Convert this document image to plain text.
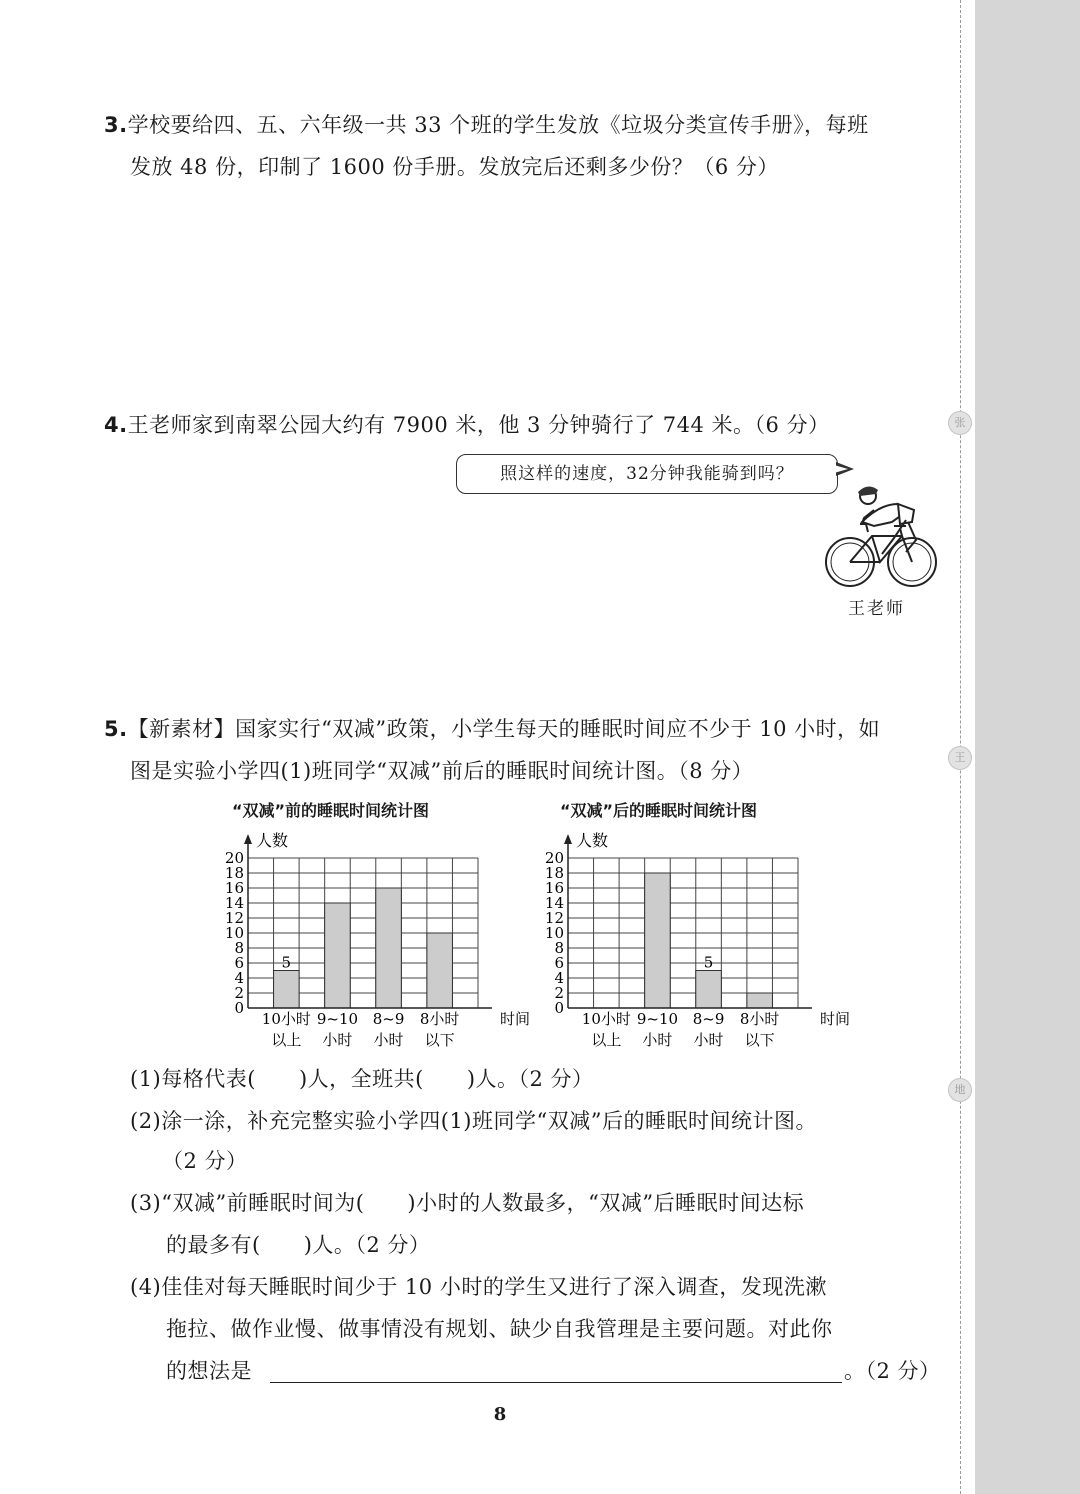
张
王
地
3.学校要给四、五、六年级一共 33 个班的学生发放《垃圾分类宣传手册》，每班
发放 48 份，印制了 1600 份手册。发放完后还剩多少份？（6 分）
4.王老师家到南翠公园大约有 7900 米，他 3 分钟骑行了 744 米。（6 分）
照这样的速度，32分钟我能骑到吗？
王老师
5.【新素材】国家实行“双减”政策，小学生每天的睡眠时间应不少于 10 小时，如
图是实验小学四(1)班同学“双减”前后的睡眠时间统计图。（8 分）
“双减”前的睡眠时间统计图	“双减”后的睡眠时间统计图
5
10小时
以上
9~10
小时
8~9
小时
8小时
以下
0
2
4
6
8
10
12
14
16
18
20
人数
时间	10小时
以上
9~10
小时
5
8~9
小时
8小时
以下
0
2
4
6
8
10
12
14
16
18
20
人数
时间
(1)每格代表(　　)人，全班共(　　)人。（2 分）
(2)涂一涂，补充完整实验小学四(1)班同学“双减”后的睡眠时间统计图。
（2 分）
(3)“双减”前睡眠时间为(　　)小时的人数最多，“双减”后睡眠时间达标
的最多有(　　)人。（2 分）
(4)佳佳对每天睡眠时间少于 10 小时的学生又进行了深入调查，发现洗漱
拖拉、做作业慢、做事情没有规划、缺少自我管理是主要问题。对此你
的想法是	。（2 分）
8
